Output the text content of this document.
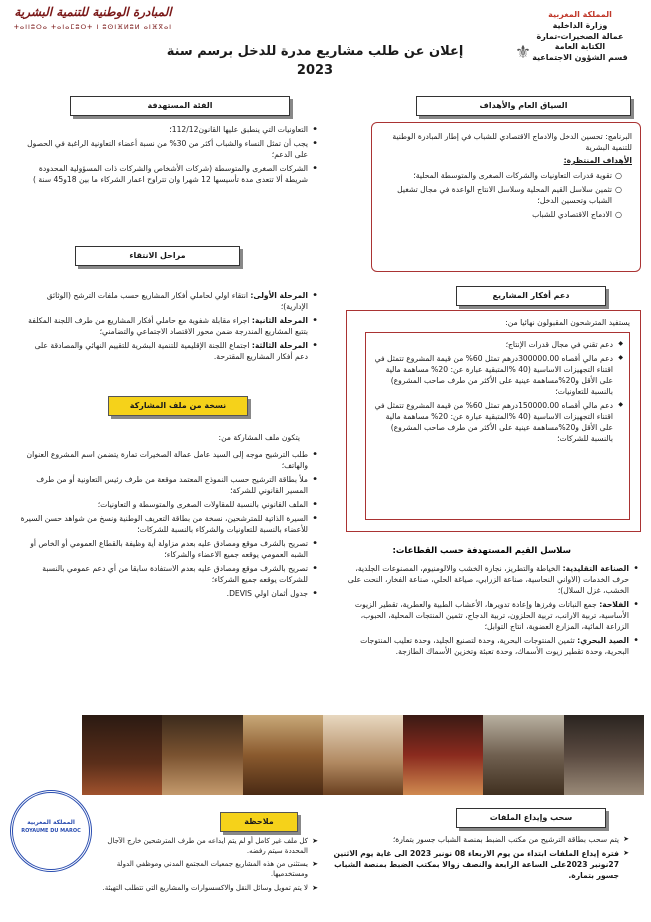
المبادرة الوطنية للتنمية البشرية
ⵜⴰⵏⵏⵓⵔⴰ ⵜⴰⵏⴰⵎⵓⵔⵜ ⵏ ⵓⵙⵏⴼⵍⵓⵍ ⴰⵏⴼⴳⴰⵏ
المملكة المغربية
وزارة الداخلية
عمالة الصخيرات-تمارة
الكتابة العامة
قسم الشؤون الاجتماعية
⚜
إعلان عن طلب مشاريع مدرة للدخل برسم سنة 2023
السياق العام والأهداف
البرنامج: تحسين الدخل والادماج الاقتصادي للشباب في إطار المبادرة الوطنية للتنمية البشرية
الأهداف المنتظرة:
○ تقوية قدرات التعاونيات والشركات الصغرى والمتوسطة المحلية؛
○ تثمين سلاسل القيم المحلية وسلاسل الانتاج الواعدة في مجال تشغيل الشباب وتحسين الدخل؛
○ الادماج الاقتصادي للشباب
دعم أفكار المشاريع
يستفيد المترشحون المقبولون نهائيا من:
◆ دعم تقني في مجال قدرات الإنتاج؛
◆ دعم مالي أقصاه 300000.00درهم تمثل 60% من قيمة المشروع تتمثل في اقتناء التجهيزات الاساسية (40 %المتبقية عبارة عن: 20% مساهمة مالية على الأقل و20%مساهمة عينية على الأكثر من طرف صاحب المشروع) بالنسبة للتعاونيات؛
◆ دعم مالي أقصاه 150000.00درهم تمثل 60% من قيمة المشروع تتمثل في اقتناء التجهيزات الاساسية (40 %المتبقية عبارة عن: 20% مساهمة مالية على الأقل و20%مساهمة عينية على الأكثر من طرف صاحب المشروع) بالنسبة للشركات؛
سلاسل القيم المستهدفة حسب القطاعات:
• الصناعة التقليدية: الخياطة والتطريز، نجارة الخشب والالومنيوم، المصنوعات الجلدية، حرف الخدمات (الاواني النحاسية، صناعة الزرابي، صياغة الحلي، صناعة الفخار، النحت على الخشب، غزل السلال)؛
• الفلاحة: جمع النباتات وفرزها وإعادة تدويرها، الأعشاب الطبية والعطرية، تقطير الزيوت الأساسية، تربية الارانب، تربية الحلزون، تربية الدجاج، تثمين المنتجات المحلية، الحبوب، الزراعة المائية، المزارع العضوية، انتاج التوابل؛
• الصيد البحري: تثمين المنتوجات البحرية، وحدة لتصنيع الجليد، وحدة تعليب المنتوجات البحرية، وحدة تقطير زيوت الأسماك، وحدة تعبئة وتخزين الأسماك الطازجة.
الفئة المستهدفة
• التعاونيات التي ينطبق عليها القانون112/12؛
• يجب أن تمثل النساء والشباب أكثر من 30% من نسبة أعضاء التعاونية الراغبة في الحصول على الدعم؛
• الشركات الصغرى والمتوسطة (شركات الأشخاص والشركات ذات المسؤولية المحدودة شريطة ألا تتعدى مدة تأسيسها 12 شهرا وان تتراوح اعمار الشركاء ما بين 18و45 سنة )
مراحل الانتقاء
• المرحلة الأولى: انتقاء اولي لحاملي أفكار المشاريع حسب ملفات الترشح (الوثائق الإدارية)؛
• المرحلة الثانية: اجراء مقابلة شفوية مع حاملي أفكار المشاريع من طرف اللجنة المكلفة بتتبع المشاريع المندرجة ضمن محور الاقتصاد الاجتماعي والتضامني؛
• المرحلة الثالثة: اجتماع اللجنة الإقليمية للتنمية البشرية للتقييم النهائي والمصادقة على دعم أفكار المشاريع المقترحة.
نسخة من ملف المشاركة
يتكون ملف المشاركة من:
• طلب الترشيح موجه إلى السيد عامل عمالة الصخيرات تمارة يتضمن اسم المشروع العنوان والهاتف؛
• ملأ بطاقة الترشيح حسب النموذج المعتمد موقعة من طرف رئيس التعاونية أو من طرف المسير القانوني للشركة؛
• الملف القانوني بالنسبة للمقاولات الصغرى والمتوسطة و التعاونيات؛
• السيرة الذاتية للمترشحين، نسخة من بطاقة التعريف الوطنية ونسخ من شواهد حسن السيرة للأعضاء بالنسبة للتعاونيات والشركاء بالنسبة للشركات؛
• تصريح بالشرف موقع ومصادق عليه بعدم مزاولة أية وظيفة بالقطاع العمومي أو الخاص أو الشبه العمومي يوقعه جميع الاعضاء والشركاء؛
• تصريح بالشرف موقع ومصادق عليه بعدم الاستفادة سابقا من أي دعم عمومي بالنسبة للشركات يوقعه جميع الشركاء؛
• جدول أثمان اولي DEVIS.
سحب وإيداع الملفات
➤ يتم سحب بطاقة الترشيح من مكتب الضبط بمنصة الشباب جسور بتمارة؛
➤ فترة إيداع الملفات ابتداء من يوم الاربعاء 08 نونبر 2023 الى غاية يوم الاثنين 27نونبر 2023على الساعة الرابعة والنصف زوالا بمكتب الضبط بمنصة الشباب جسور بتمارة.
ملاحظة
➤ كل ملف غير كامل أو لم يتم ايداعه من طرف المترشحين خارج الآجال المحددة سيتم رفضه.
➤ يستثنى من هذه المشاريع جمعيات المجتمع المدني وموظفي الدولة ومستخدميها.
➤ لا يتم تمويل وسائل النقل والاكسسوارات والمشاريع التي تتطلب التهيئة.
المملكة المغربية
ROYAUME DU MAROC
